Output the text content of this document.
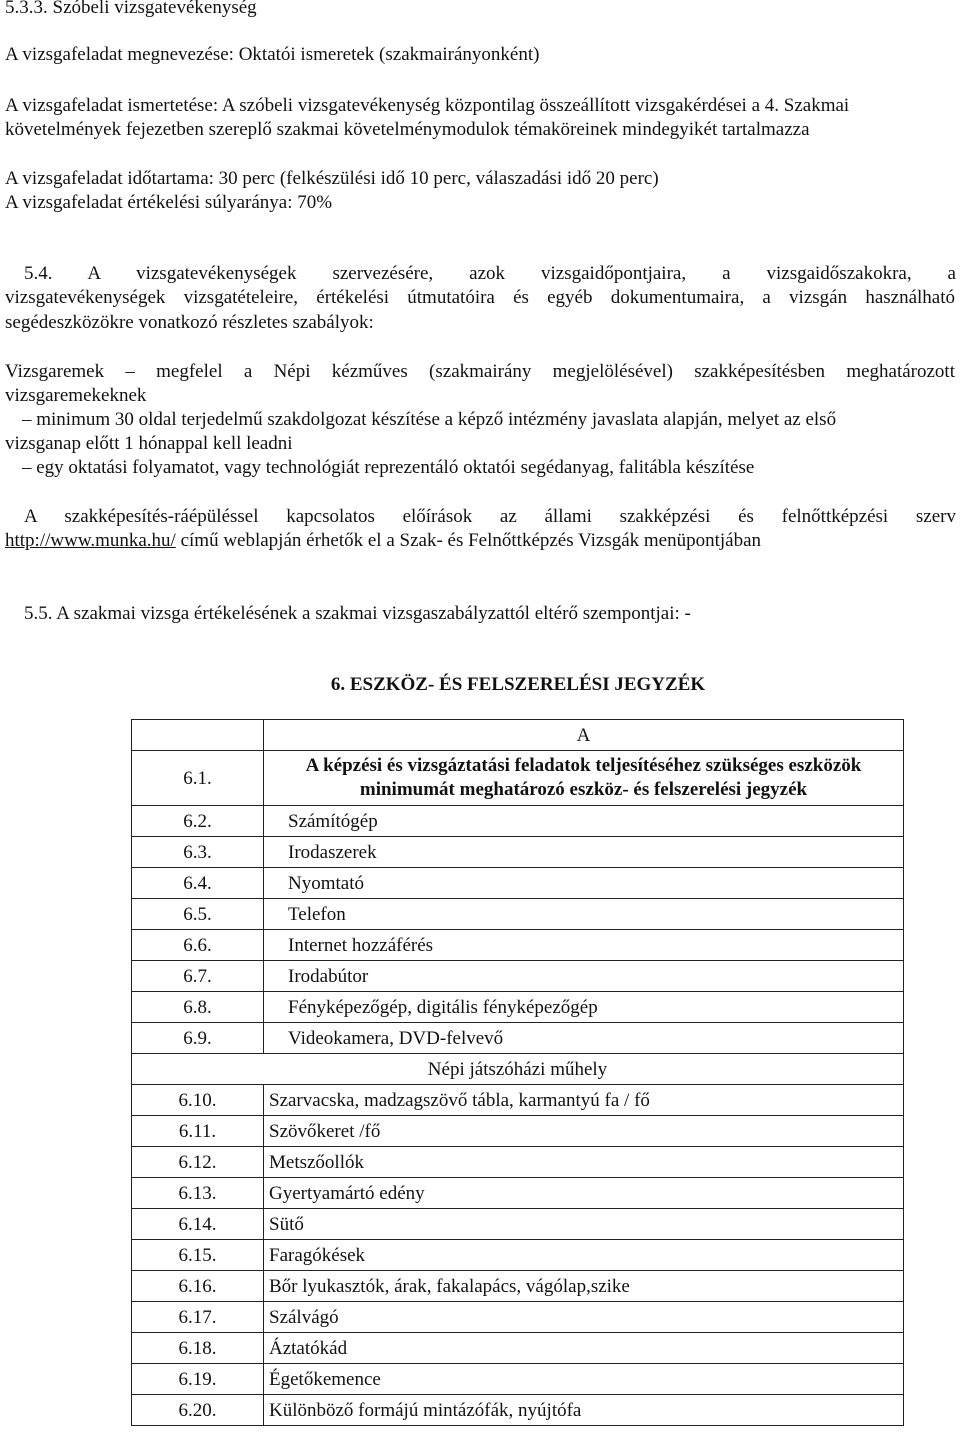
5.3.3. Szóbeli vizsgatevékenység
A vizsgafeladat megnevezése: Oktatói ismeretek (szakmairányonként)
A vizsgafeladat ismertetése: A szóbeli vizsgatevékenység központilag összeállított vizsgakérdései a 4. Szakmai
követelmények fejezetben szereplő szakmai követelménymodulok témaköreinek mindegyikét tartalmazza
A vizsgafeladat időtartama: 30 perc (felkészülési idő 10 perc, válaszadási idő 20 perc)
A vizsgafeladat értékelési súlyaránya: 70%
5.4. A vizsgatevékenységek szervezésére, azok vizsgaidőpontjaira, a vizsgaidőszakokra, a
vizsgatevékenységek vizsgatételeire, értékelési útmutatóira és egyéb dokumentumaira, a vizsgán használható
segédeszközökre vonatkozó részletes szabályok:
Vizsgaremek – megfelel a Népi kézműves (szakmairány megjelölésével) szakképesítésben meghatározott
vizsgaremekeknek
– minimum 30 oldal terjedelmű szakdolgozat készítése a képző intézmény javaslata alapján, melyet az első
vizsganap előtt 1 hónappal kell leadni
– egy oktatási folyamatot, vagy technológiát reprezentáló oktatói segédanyag, falitábla készítése
A szakképesítés-ráépüléssel kapcsolatos előírások az állami szakképzési és felnőttképzési szerv
http://www.munka.hu/ című weblapján érhetők el a Szak- és Felnőttképzés Vizsgák menüpontjában
5.5. A szakmai vizsga értékelésének a szakmai vizsgaszabályzattól eltérő szempontjai: -
6. ESZKÖZ- ÉS FELSZERELÉSI JEGYZÉK
	A
6.1.	A képzési és vizsgáztatási feladatok teljesítéséhez szükséges eszközök
minimumát meghatározó eszköz- és felszerelési jegyzék

6.2.	Számítógép
6.3.	Irodaszerek
6.4.	Nyomtató
6.5.	Telefon
6.6.	Internet hozzáférés
6.7.	Irodabútor
6.8.	Fényképezőgép, digitális fényképezőgép
6.9.	Videokamera, DVD-felvevő
Népi játszóházi műhely	
6.10.	Szarvacska, madzagszövő tábla, karmantyú fa / fő
6.11.	Szövőkeret /fő
6.12.	Metszőollók
6.13.	Gyertyamártó edény
6.14.	Sütő
6.15.	Faragókések
6.16.	Bőr lyukasztók, árak, fakalapács, vágólap,szike
6.17.	Szálvágó
6.18.	Áztatókád
6.19.	Égetőkemence
6.20.	Különböző formájú mintázófák, nyújtófa
